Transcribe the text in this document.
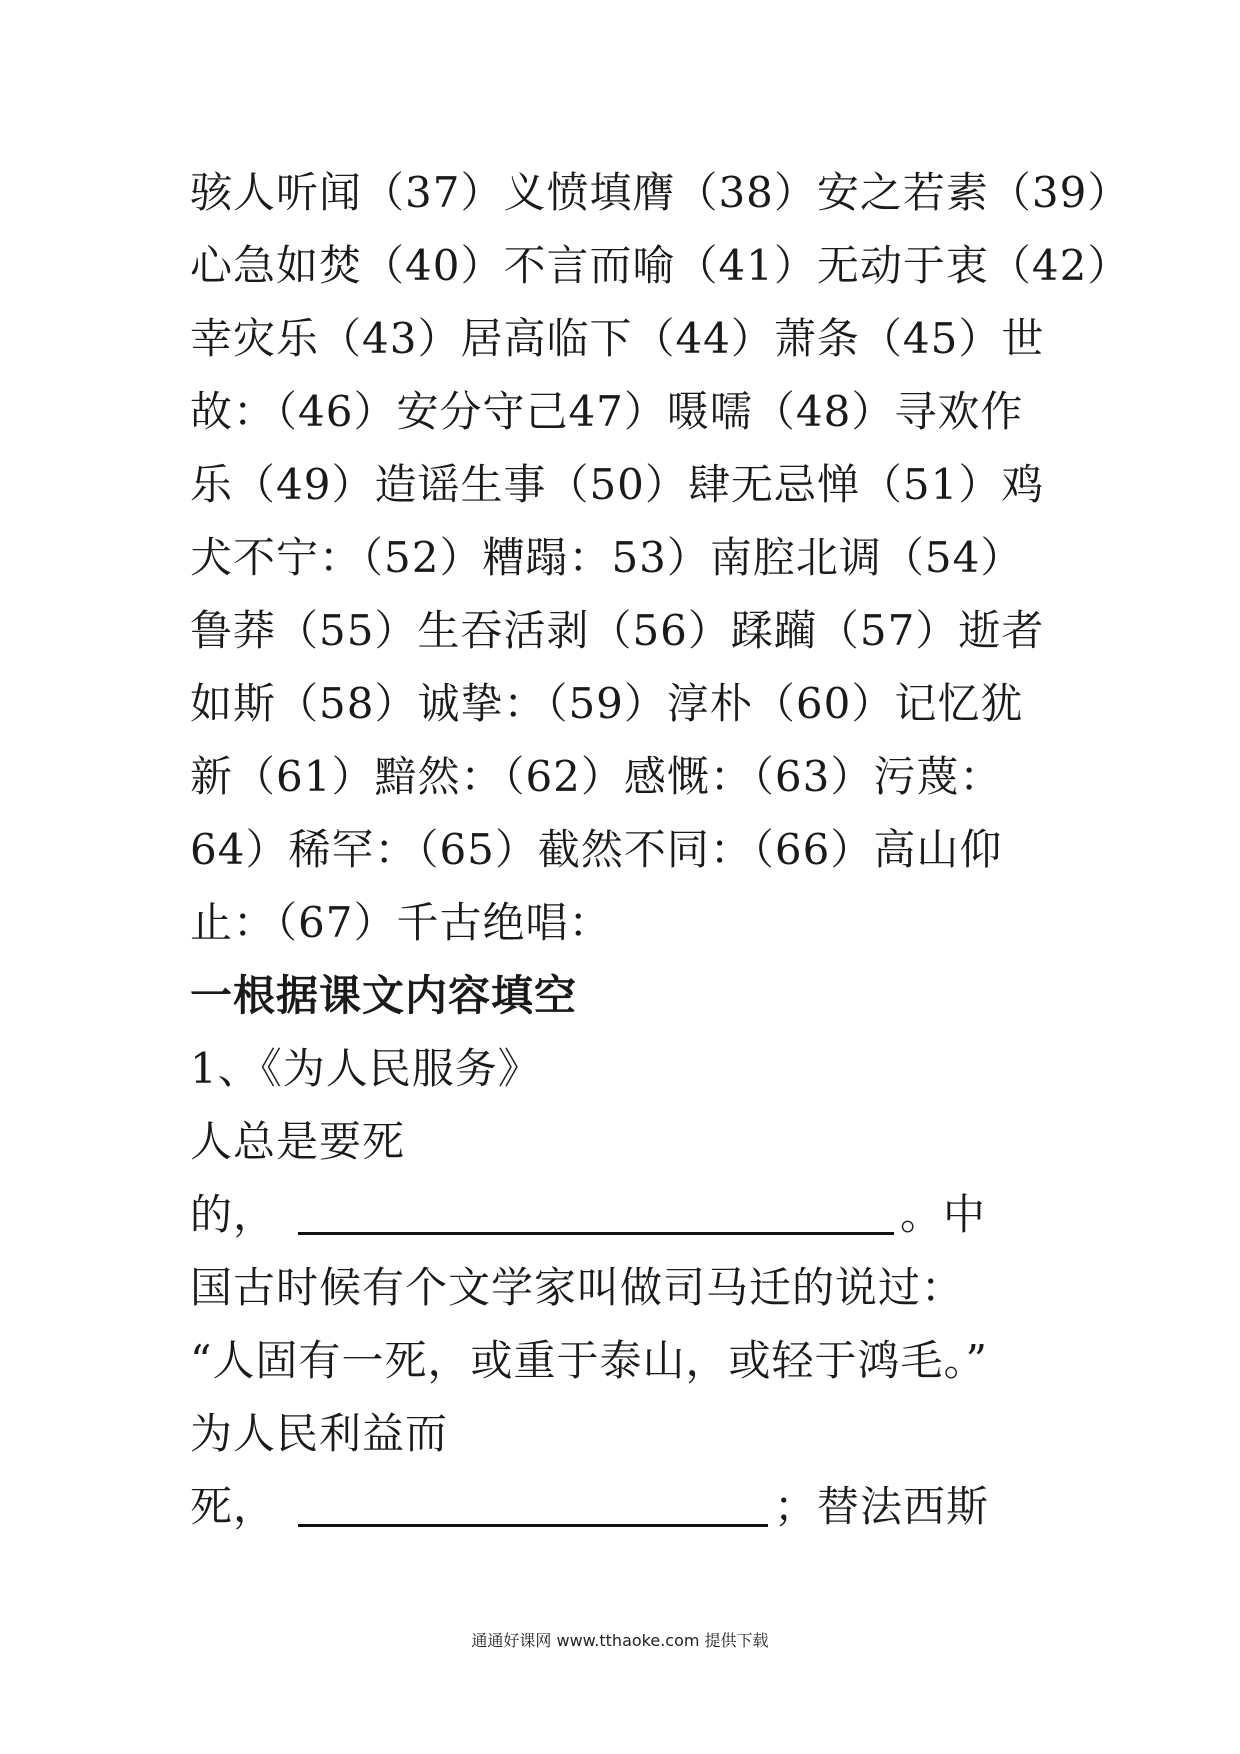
骇人听闻（37）义愤填膺（38）安之若素（39）
心急如焚（40）不言而喻（41）无动于衷（42）
幸灾乐（43）居高临下（44）萧条（45）世
故：（46）安分守己47）嗫嚅（48）寻欢作
乐（49）造谣生事（50）肆无忌惮（51）鸡
犬不宁：（52）糟蹋：53）南腔北调（54）
鲁莽（55）生吞活剥（56）蹂躏（57）逝者
如斯（58）诚挚：（59）淳朴（60）记忆犹
新（61）黯然：（62）感慨：（63）污蔑：
64）稀罕：（65）截然不同：（66）高山仰
止：（67）千古绝唱：
一根据课文内容填空
1、《为人民服务》
人总是要死
的，	。中
国古时候有个文学家叫做司马迁的说过：
“人固有一死，或重于泰山，或轻于鸿毛。”
为人民利益而
死，	；替法西斯
通通好课网 www.tthaoke.com 提供下载
